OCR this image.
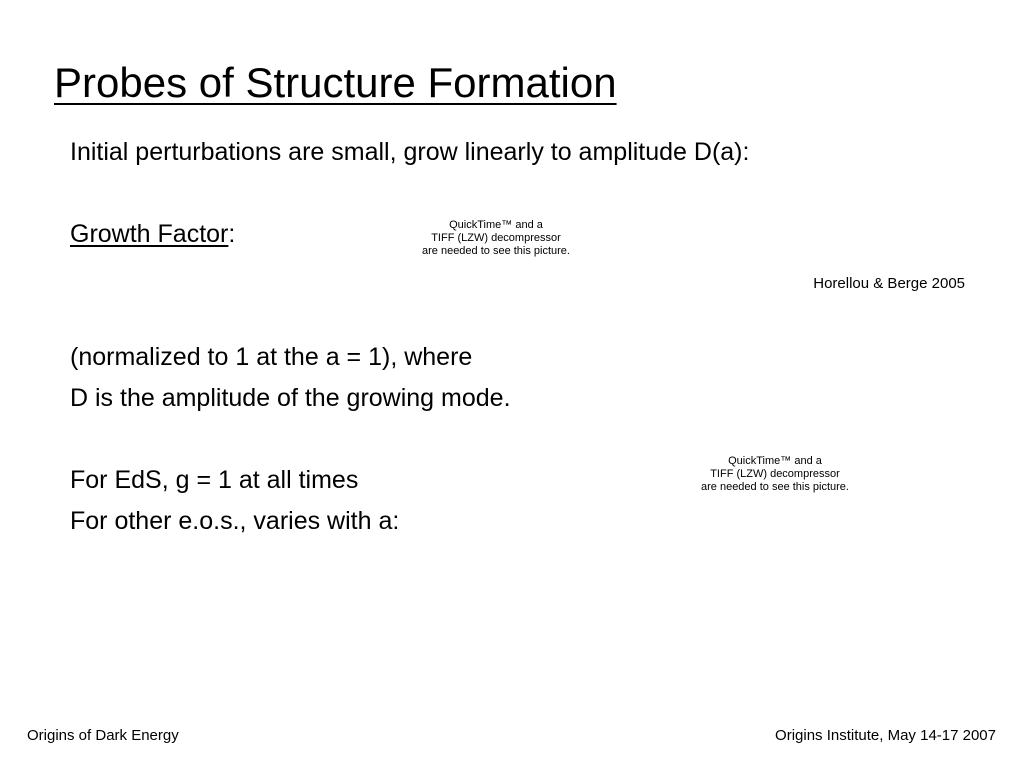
Probes of Structure Formation
Initial perturbations are small, grow linearly to amplitude D(a):
Growth Factor:	QuickTime™ and a
TIFF (LZW) decompressor
are needed to see this picture.
Horellou & Berge 2005
(normalized to 1 at the a = 1), where
D is the amplitude of the growing mode.
QuickTime™ and a
TIFF (LZW) decompressor
are needed to see this picture.
For EdS, g = 1 at all times
For other e.o.s., varies with a:
Origins of Dark Energy	Origins Institute, May 14-17 2007
